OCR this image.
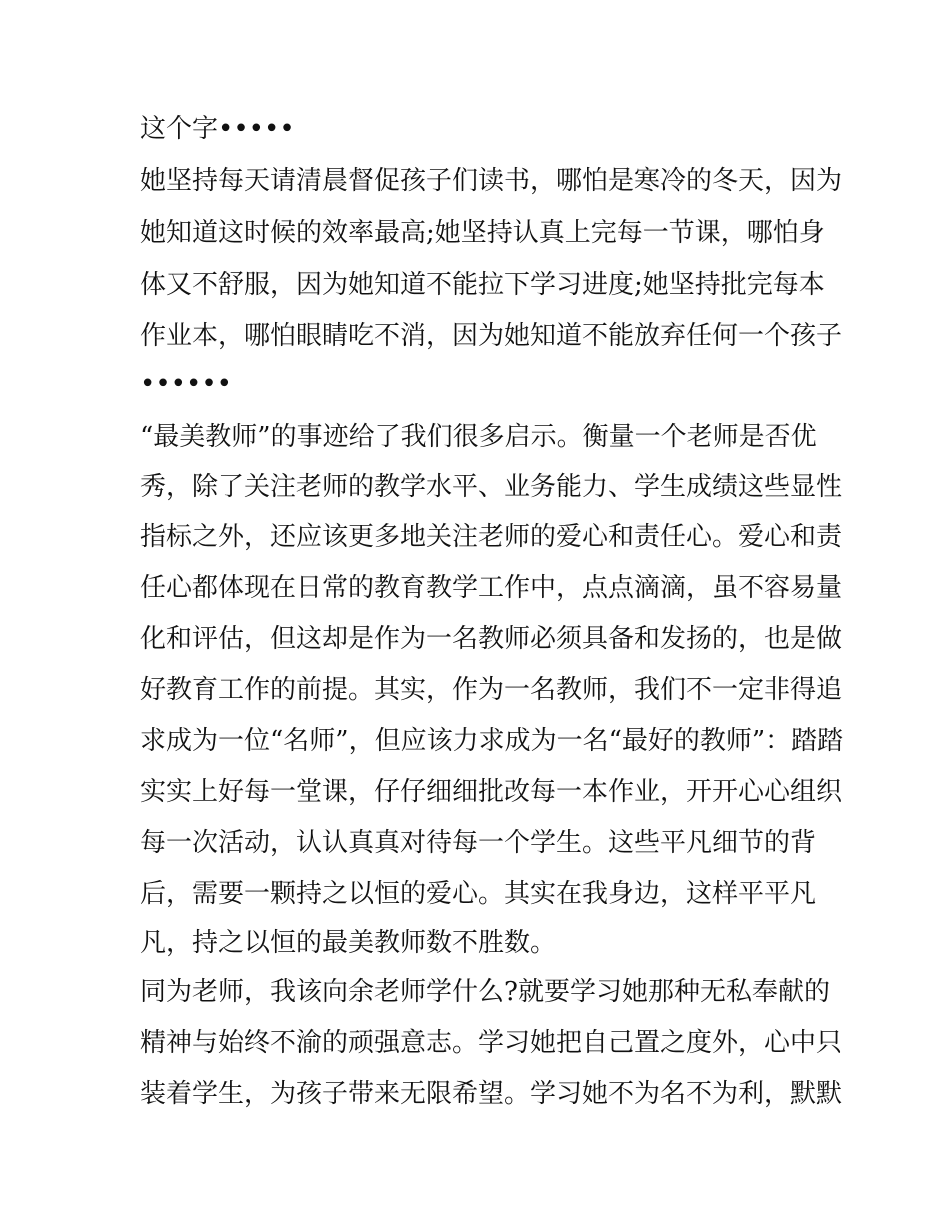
这个字•••••
她坚持每天请清晨督促孩子们读书，哪怕是寒冷的冬天，因为
她知道这时候的效率最高;她坚持认真上完每一节课，哪怕身
体又不舒服，因为她知道不能拉下学习进度;她坚持批完每本
作业本，哪怕眼睛吃不消，因为她知道不能放弃任何一个孩子
••••••
“最美教师”的事迹给了我们很多启示。衡量一个老师是否优
秀，除了关注老师的教学水平、业务能力、学生成绩这些显性
指标之外，还应该更多地关注老师的爱心和责任心。爱心和责
任心都体现在日常的教育教学工作中，点点滴滴，虽不容易量
化和评估，但这却是作为一名教师必须具备和发扬的，也是做
好教育工作的前提。其实，作为一名教师，我们不一定非得追
求成为一位“名师”，但应该力求成为一名“最好的教师”：踏踏
实实上好每一堂课，仔仔细细批改每一本作业，开开心心组织
每一次活动，认认真真对待每一个学生。这些平凡细节的背
后，需要一颗持之以恒的爱心。其实在我身边，这样平平凡
凡，持之以恒的最美教师数不胜数。
同为老师，我该向余老师学什么?就要学习她那种无私奉献的
精神与始终不渝的顽强意志。学习她把自己置之度外，心中只
装着学生，为孩子带来无限希望。学习她不为名不为利，默默
